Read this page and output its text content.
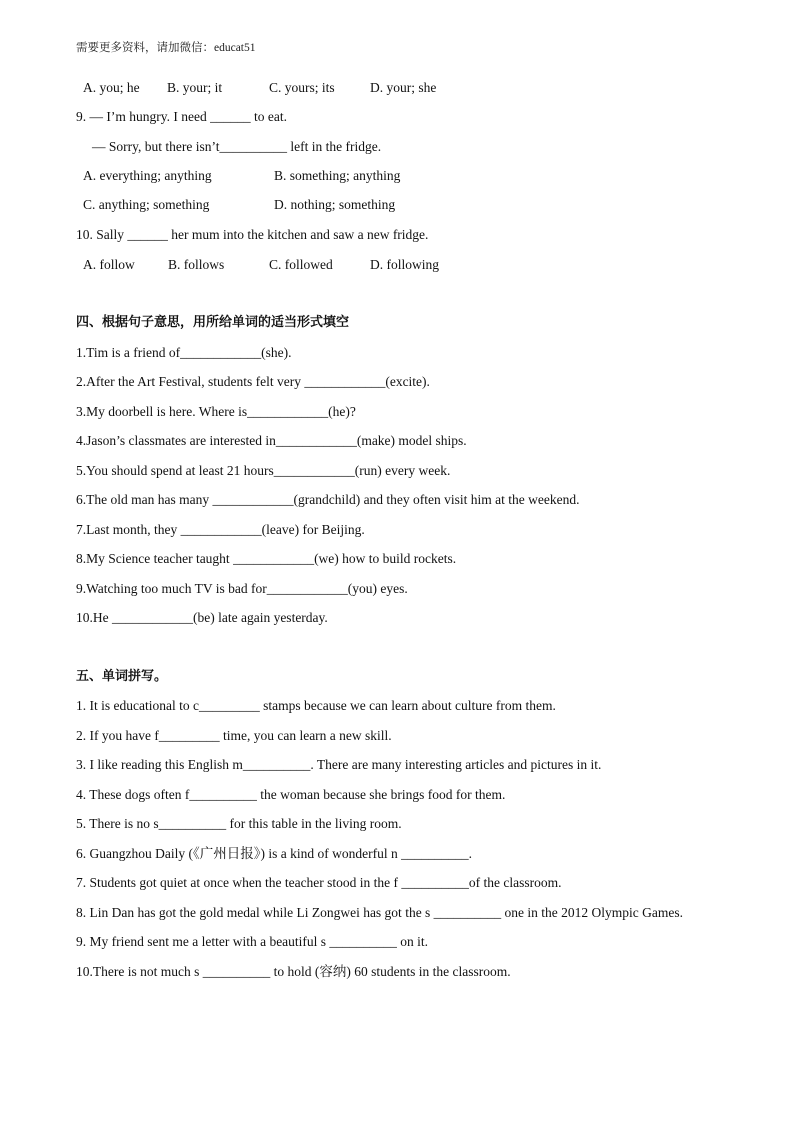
需要更多资料，请加微信：educat51
A. you; he B. your; it	C. yours; its	D. your; she
9. — I’m hungry. I need ______ to eat.
— Sorry, but there isn’t__________ left in the fridge.
A. everything; anything	B. something; anything
C. anything; something	D. nothing; something
10. Sally ______ her mum into the kitchen and saw a new fridge.
A. follow B. follows	C. followed	D. following
四、根据句子意思，用所给单词的适当形式填空
1.Tim is a friend of____________(she).
2.After the Art Festival, students felt very ____________(excite).
3.My doorbell is here. Where is____________(he)?
4.Jason’s classmates are interested in____________(make) model ships.
5.You should spend at least 21 hours____________(run) every week.
6.The old man has many ____________(grandchild) and they often visit him at the weekend.
7.Last month, they ____________(leave) for Beijing.
8.My Science teacher taught ____________(we) how to build rockets.
9.Watching too much TV is bad for____________(you) eyes.
10.He ____________(be) late again yesterday.
五、单词拼写。
1. It is educational to c_________ stamps because we can learn about culture from them.
2. If you have f_________ time, you can learn a new skill.
3. I like reading this English m__________. There are many interesting articles and pictures in it.
4. These dogs often f__________ the woman because she brings food for them.
5. There is no s__________ for this table in the living room.
6. Guangzhou Daily (《广州日报》) is a kind of wonderful n __________.
7. Students got quiet at once when the teacher stood in the f __________of the classroom.
8. Lin Dan has got the gold medal while Li Zongwei has got the s __________ one in the 2012 Olympic Games.
9. My friend sent me a letter with a beautiful s __________ on it.
10.There is not much s __________ to hold (容纳) 60 students in the classroom.
